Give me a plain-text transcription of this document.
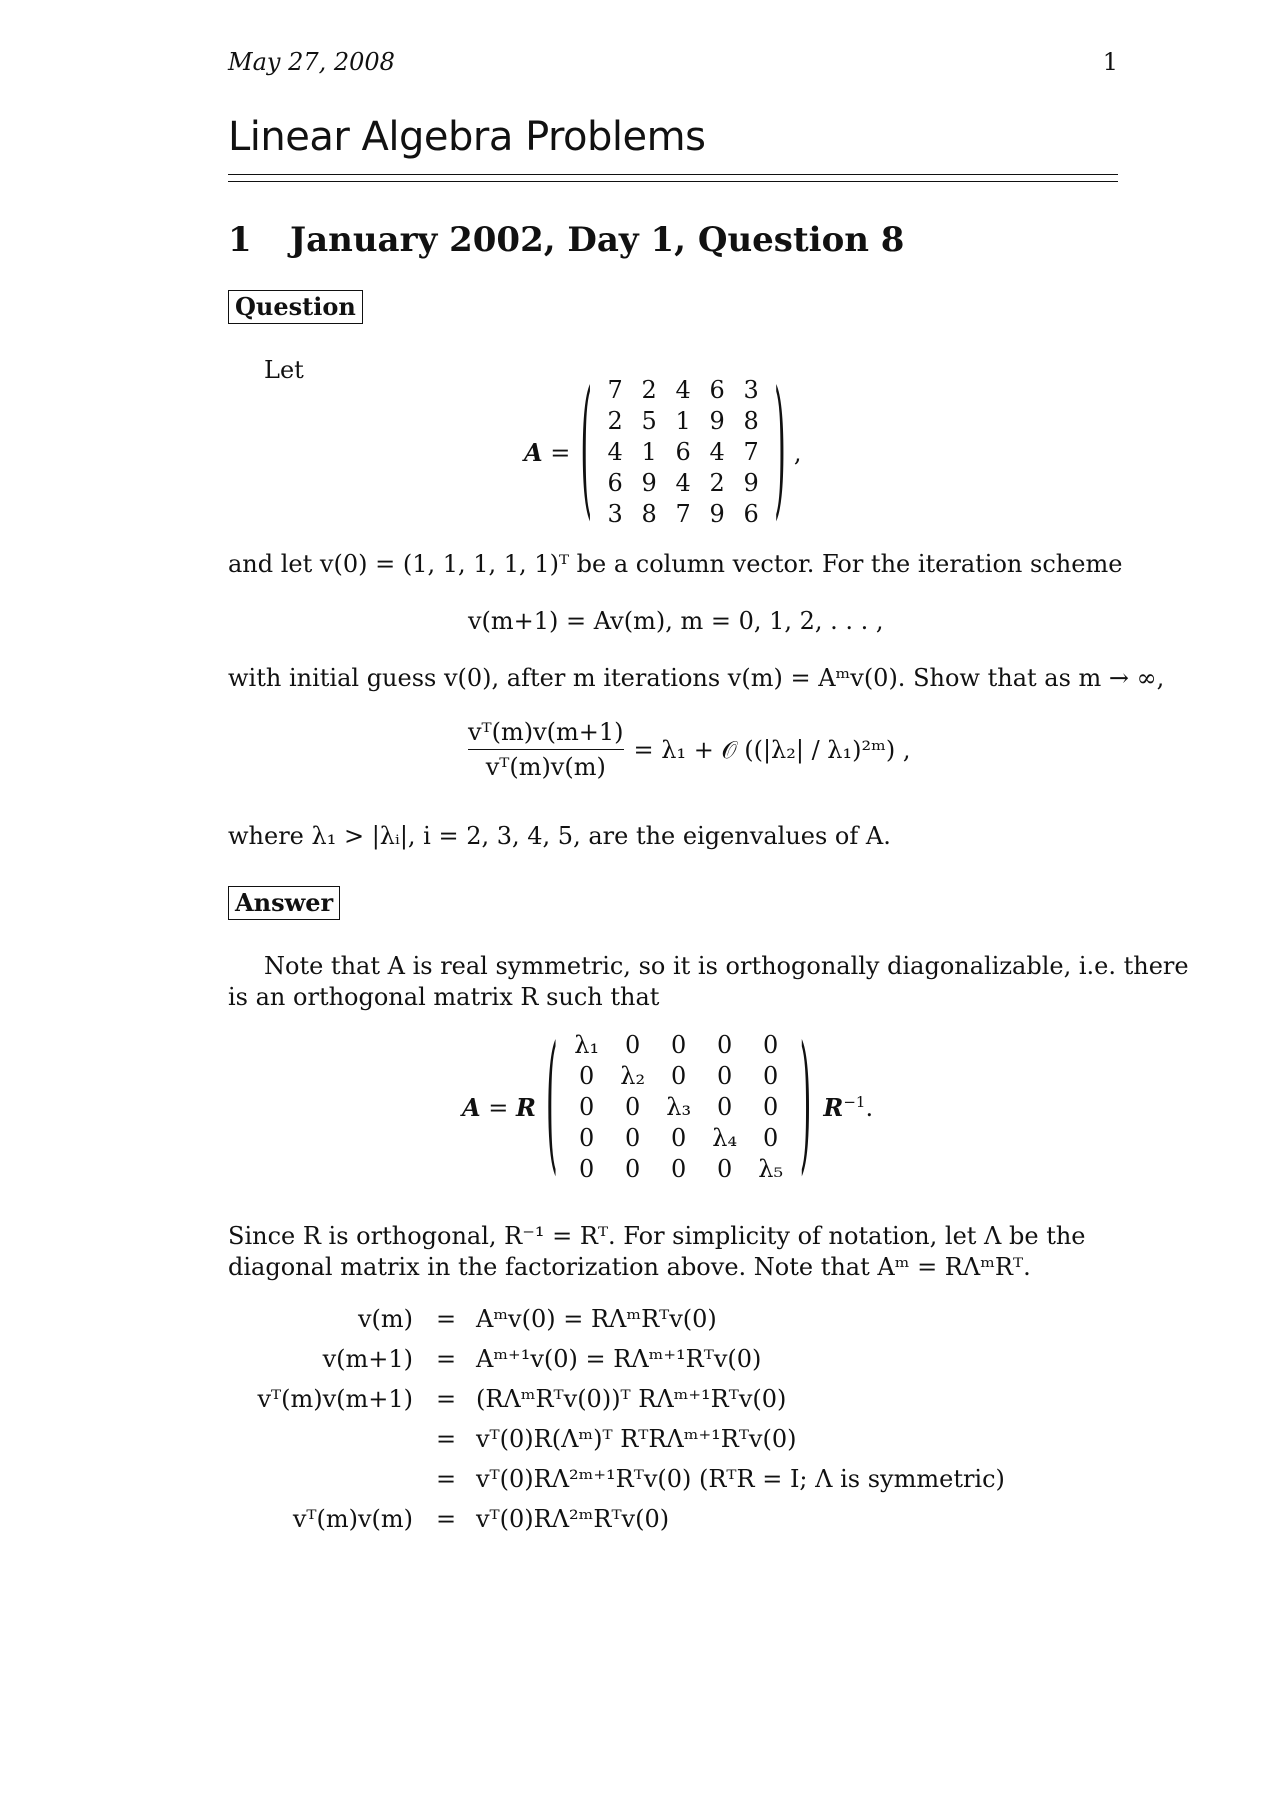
May 27, 2008	1
Linear Algebra Problems
1 January 2002, Day 1, Question 8
Question
Let
A = ( 7 2 4 6 3
2 5 1 9 8
4 1 6 4 7
6 9 4 2 9
3 8 7 9 6 ) ,
and let v(0) = (1, 1, 1, 1, 1)ᵀ be a column vector. For the iteration scheme
v(m+1) = Av(m), m = 0, 1, 2, . . . ,
with initial guess v(0), after m iterations v(m) = Aᵐv(0). Show that as m → ∞,
$\frac{\text{vᵀ(m)v(m+1)}}{\text{vᵀ(m)v(m)}} = \lambda_1$ + 𝒪 ((|λ₂| / λ₁)²ᵐ) ,
where λ₁ > |λᵢ|, i = 2, 3, 4, 5, are the eigenvalues of A.
Answer
Note that A is real symmetric, so it is orthogonally diagonalizable, i.e. there
is an orthogonal matrix R such that
A = R ( λ₁	0	0	0	0
0	λ₂	0	0	0
0	0	λ₃	0	0
0	0	0	λ₄	0
0	0	0	0	λ₅ ) $R^{-1}$.
Since R is orthogonal, R⁻¹ = Rᵀ. For simplicity of notation, let Λ be the
diagonal matrix in the factorization above. Note that Aᵐ = RΛᵐRᵀ.
v(m) = Aᵐv(0) = RΛᵐRᵀv(0)
v(m+1) = Aᵐ⁺¹v(0) = RΛᵐ⁺¹Rᵀv(0)
vᵀ(m)v(m+1) = (RΛᵐRᵀv(0))ᵀ RΛᵐ⁺¹Rᵀv(0)
= vᵀ(0)R(Λᵐ)ᵀ RᵀRΛᵐ⁺¹Rᵀv(0)
= vᵀ(0)RΛ²ᵐ⁺¹Rᵀv(0) (RᵀR = I; Λ is symmetric)
vᵀ(m)v(m) = vᵀ(0)RΛ²ᵐRᵀv(0)
